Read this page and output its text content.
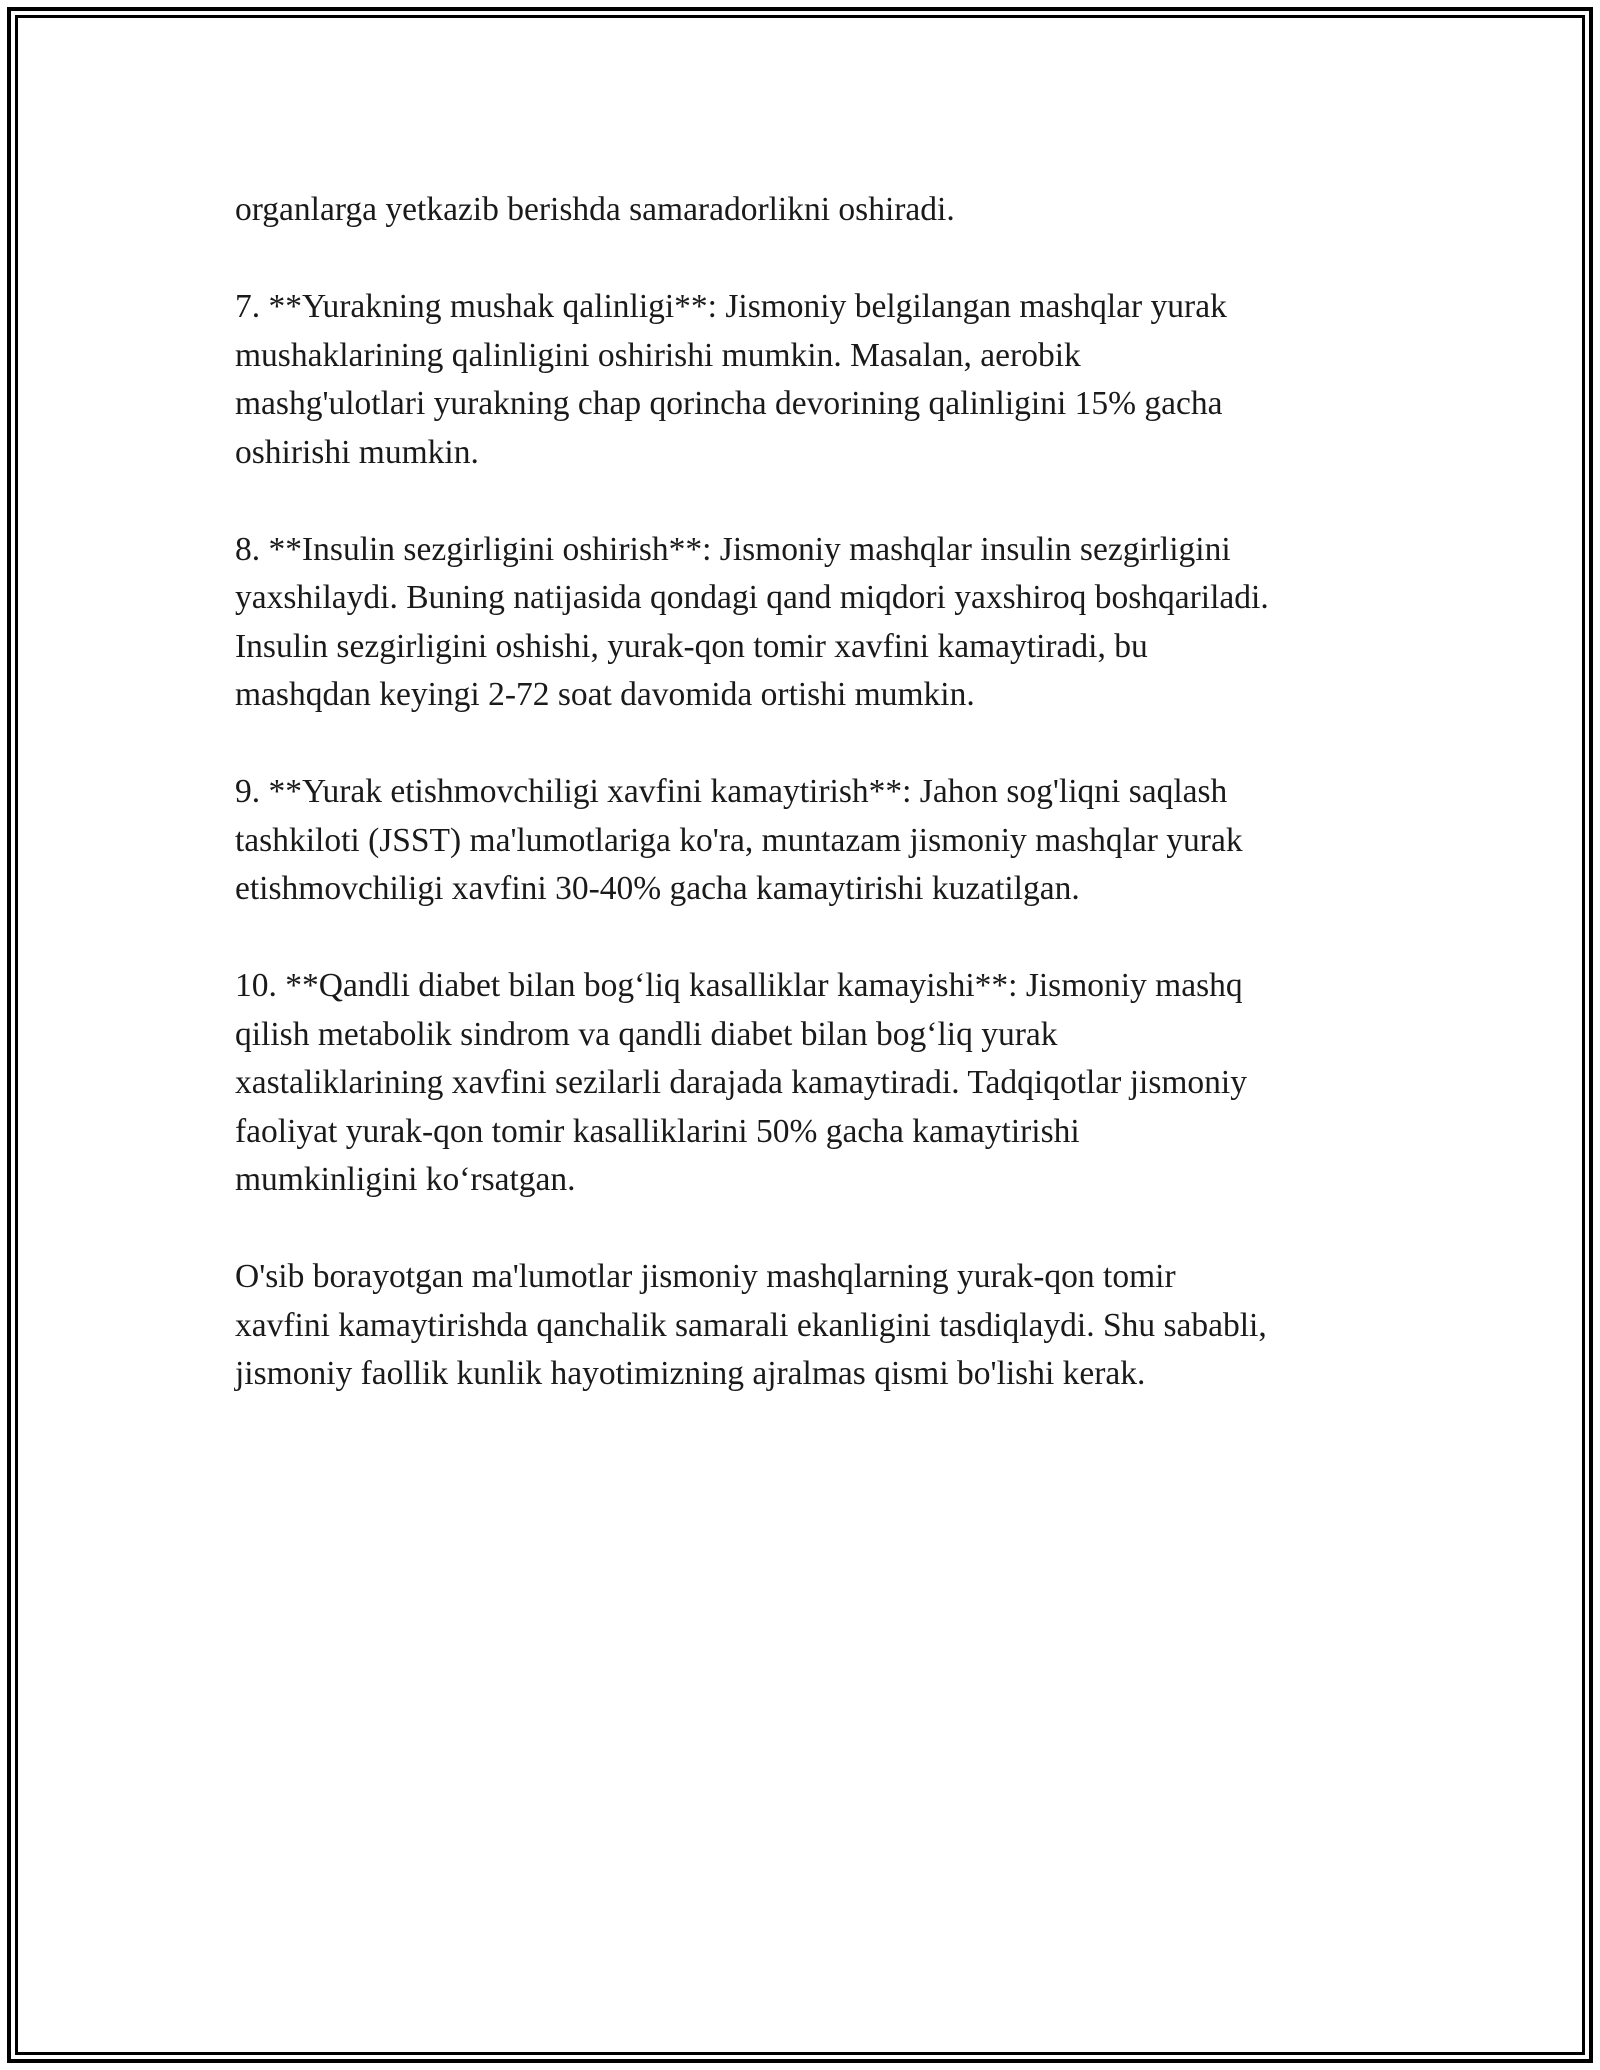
organlarga yetkazib berishda samaradorlikni oshiradi.

7. **Yurakning mushak qalinligi**: Jismoniy belgilangan mashqlar yurak
mushaklarining qalinligini oshirishi mumkin. Masalan, aerobik
mashg'ulotlari yurakning chap qorincha devorining qalinligini 15% gacha
oshirishi mumkin.

8. **Insulin sezgirligini oshirish**: Jismoniy mashqlar insulin sezgirligini
yaxshilaydi. Buning natijasida qondagi qand miqdori yaxshiroq boshqariladi.
Insulin sezgirligini oshishi, yurak-qon tomir xavfini kamaytiradi, bu
mashqdan keyingi 2-72 soat davomida ortishi mumkin.

9. **Yurak etishmovchiligi xavfini kamaytirish**: Jahon sog'liqni saqlash
tashkiloti (JSST) ma'lumotlariga ko'ra, muntazam jismoniy mashqlar yurak
etishmovchiligi xavfini 30-40% gacha kamaytirishi kuzatilgan.

10. **Qandli diabet bilan bog‘liq kasalliklar kamayishi**: Jismoniy mashq
qilish metabolik sindrom va qandli diabet bilan bog‘liq yurak
xastaliklarining xavfini sezilarli darajada kamaytiradi. Tadqiqotlar jismoniy
faoliyat yurak-qon tomir kasalliklarini 50% gacha kamaytirishi
mumkinligini ko‘rsatgan.

O'sib borayotgan ma'lumotlar jismoniy mashqlarning yurak-qon tomir
xavfini kamaytirishda qanchalik samarali ekanligini tasdiqlaydi. Shu sababli,
jismoniy faollik kunlik hayotimizning ajralmas qismi bo'lishi kerak.
